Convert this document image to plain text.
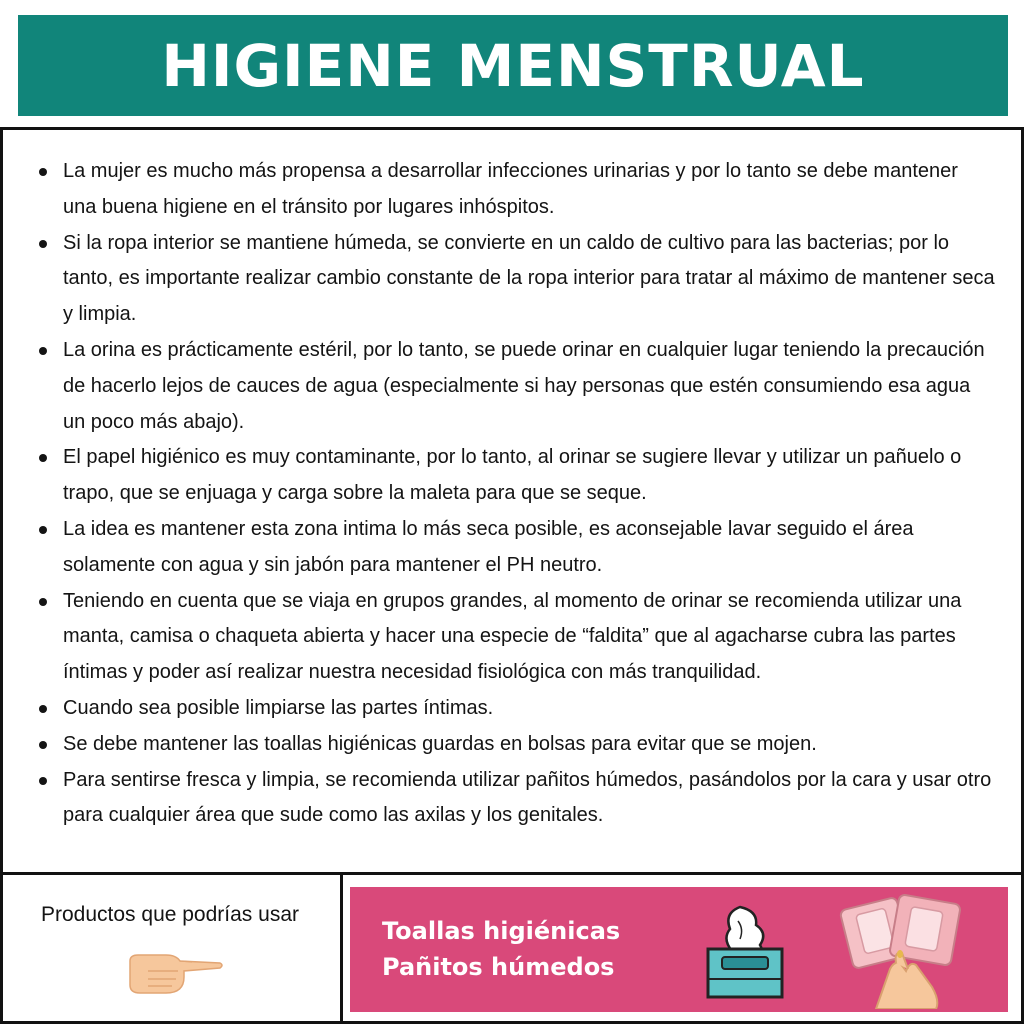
HIGIENE MENSTRUAL
La mujer es mucho más propensa a desarrollar infecciones urinarias y por lo tanto se debe mantener una buena higiene en el tránsito por lugares inhóspitos.
Si la ropa interior se mantiene húmeda, se convierte en un caldo de cultivo para las bacterias; por lo tanto, es importante realizar cambio constante de la ropa interior para tratar al máximo de mantener seca y limpia.
La orina es prácticamente estéril, por lo tanto, se puede orinar en cualquier lugar teniendo la precaución de hacerlo lejos de cauces de agua (especialmente si hay personas que estén consumiendo esa agua un poco más abajo).
El papel higiénico es muy contaminante, por lo tanto, al orinar se sugiere llevar y utilizar un pañuelo o trapo, que se enjuaga y carga sobre la maleta para que se seque.
La idea es mantener esta zona intima lo más seca posible, es aconsejable lavar seguido el área solamente con agua y sin jabón para mantener el PH neutro.
Teniendo en cuenta que se viaja en grupos grandes, al momento de orinar se recomienda utilizar una manta, camisa o chaqueta abierta y hacer una especie de “faldita” que al agacharse cubra las partes íntimas y poder así realizar nuestra necesidad fisiológica con más tranquilidad.
Cuando sea posible limpiarse las partes íntimas.
Se debe mantener las toallas higiénicas guardas en bolsas para evitar que se mojen.
Para sentirse fresca y limpia, se recomienda utilizar pañitos húmedos, pasándolos por la cara y usar otro para cualquier área que sude como las axilas y los genitales.
Productos que podrías usar
Toallas higiénicas
Pañitos húmedos
